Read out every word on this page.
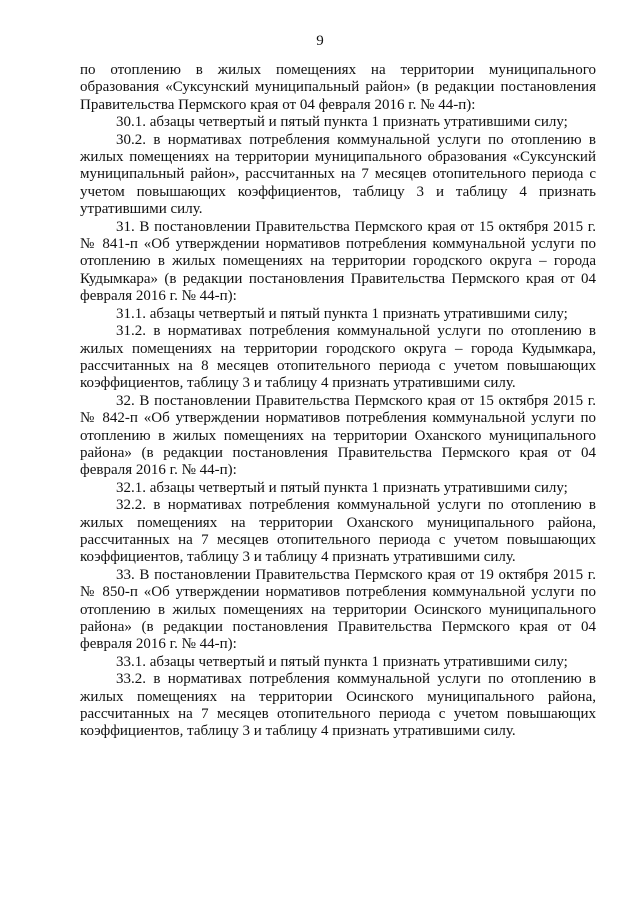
9

по отоплению в жилых помещениях на территории муниципального образования «Суксунский муниципальный район» (в редакции постановления Правительства Пермского края от 04 февраля 2016 г. № 44-п):

30.1. абзацы четвертый и пятый пункта 1 признать утратившими силу;

30.2. в нормативах потребления коммунальной услуги по отоплению в жилых помещениях на территории муниципального образования «Суксунский муниципальный район», рассчитанных на 7 месяцев отопительного периода с учетом повышающих коэффициентов, таблицу 3 и таблицу 4 признать утратившими силу.

31. В постановлении Правительства Пермского края от 15 октября 2015 г. № 841-п «Об утверждении нормативов потребления коммунальной услуги по отоплению в жилых помещениях на территории городского округа – города Кудымкара» (в редакции постановления Правительства Пермского края от 04 февраля 2016 г. № 44-п):

31.1. абзацы четвертый и пятый пункта 1 признать утратившими силу;

31.2. в нормативах потребления коммунальной услуги по отоплению в жилых помещениях на территории городского округа – города Кудымкара, рассчитанных на 8 месяцев отопительного периода с учетом повышающих коэффициентов, таблицу 3 и таблицу 4 признать утратившими силу.

32. В постановлении Правительства Пермского края от 15 октября 2015 г. № 842-п «Об утверждении нормативов потребления коммунальной услуги по отоплению в жилых помещениях на территории Оханского муниципального района» (в редакции постановления Правительства Пермского края от 04 февраля 2016 г. № 44-п):

32.1. абзацы четвертый и пятый пункта 1 признать утратившими силу;

32.2. в нормативах потребления коммунальной услуги по отоплению в жилых помещениях на территории Оханского муниципального района, рассчитанных на 7 месяцев отопительного периода с учетом повышающих коэффициентов, таблицу 3 и таблицу 4 признать утратившими силу.

33. В постановлении Правительства Пермского края от 19 октября 2015 г. № 850-п «Об утверждении нормативов потребления коммунальной услуги по отоплению в жилых помещениях на территории Осинского муниципального района» (в редакции постановления Правительства Пермского края от 04 февраля 2016 г. № 44-п):

33.1. абзацы четвертый и пятый пункта 1 признать утратившими силу;

33.2. в нормативах потребления коммунальной услуги по отоплению в жилых помещениях на территории Осинского муниципального района, рассчитанных на 7 месяцев отопительного периода с учетом повышающих коэффициентов, таблицу 3 и таблицу 4 признать утратившими силу.
